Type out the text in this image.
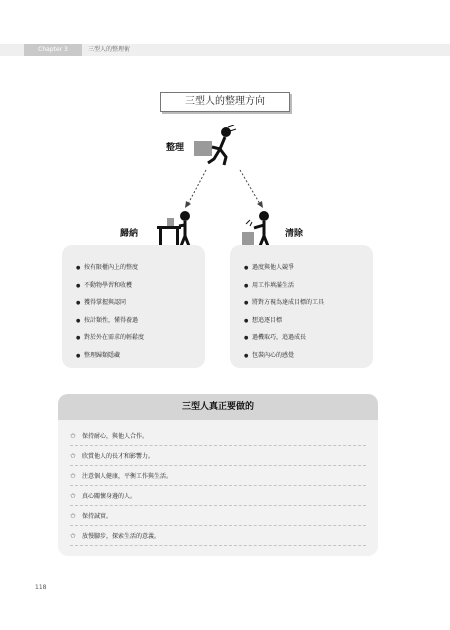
Chapter 3	三型人的整理術
三型人的整理方向
整理
歸納	清除
● 按有限櫃內上的整度
● 不動物學習和收穫
● 獲得掌握與認同
● 按計類性，懂得養過
● 對於外在需求的輕鬆度
● 整理歸類隱藏
● 過度與他人競爭
● 用工作填滿生活
● 將對方視為達成目標的工具
● 想追逐目標
● 過機取巧，追過成長
● 包裝內心的感覺
三型人真正要做的
✩ 保持耐心，與他人合作。
✩ 欣賞他人的長才和影響力。
✩ 注意個人健康，平衡工作與生活。
✩ 真心關懷身邊的人。
✩ 保持誠實。
✩ 放慢腳步，探索生活的意義。
118
